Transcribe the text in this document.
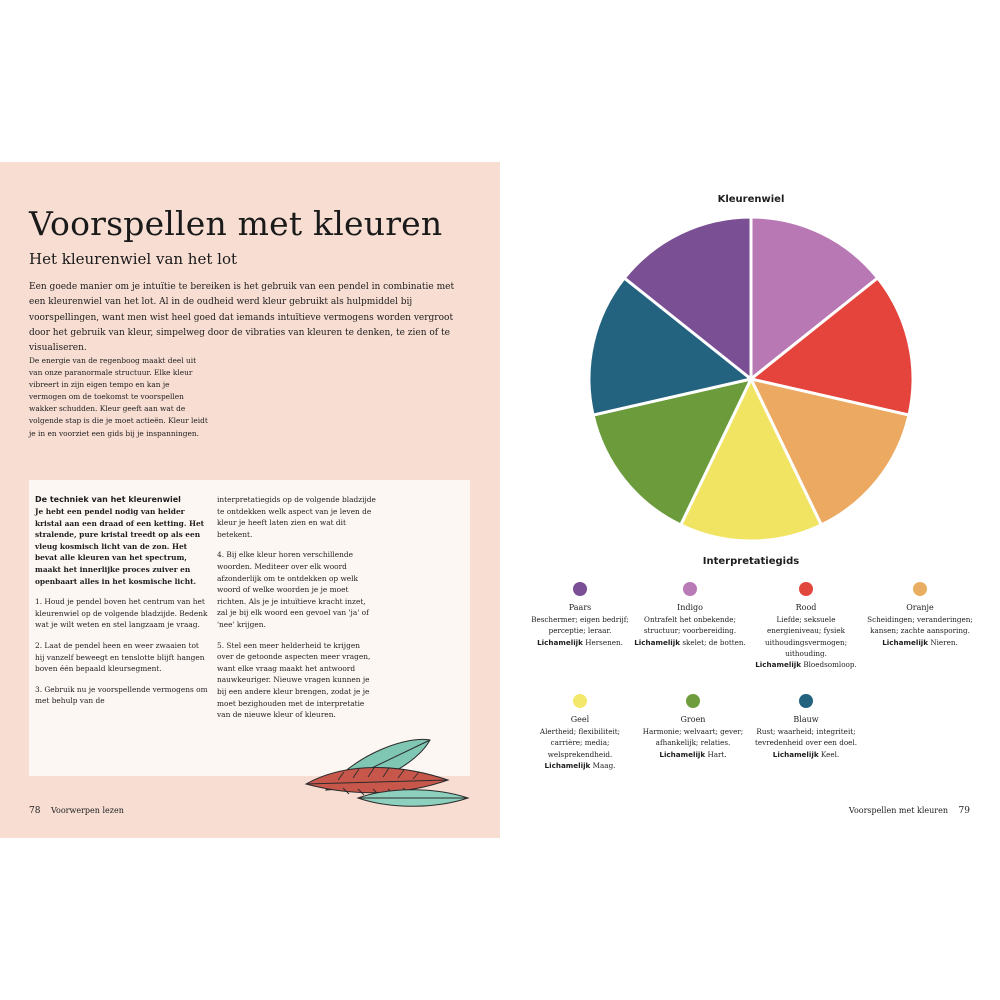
Voorspellen met kleuren
Het kleurenwiel van het lot

Een goede manier om je intuïtie te bereiken is het gebruik van een pendel in combinatie met een kleurenwiel van het lot. Al in de oudheid werd kleur gebruikt als hulpmiddel bij voorspellingen, want men wist heel goed dat iemands intuïtieve vermogens worden vergroot door het gebruik van kleur, simpelweg door de vibraties van kleuren te denken, te zien of te visualiseren.

De energie van de regenboog maakt deel uit van onze paranormale structuur. Elke kleur vibreert in zijn eigen tempo en kan je vermogen om de toekomst te voorspellen wakker schudden. Kleur geeft aan wat de volgende stap is die je moet actieën. Kleur leidt je in en voorziet een gids bij je inspanningen.

De techniek van het kleurenwiel

Je hebt een pendel nodig van helder kristal aan een draad of een ketting. Het stralende, pure kristal treedt op als een vleug kosmisch licht van de zon. Het bevat alle kleuren van het spectrum, maakt het innerlijke proces zuiver en openbaart alles in het kosmische licht.

1. Houd je pendel boven het centrum van het kleurenwiel op de volgende bladzijde. Bedenk wat je wilt weten en stel langzaam je vraag.

2. Laat de pendel heen en weer zwaaien tot hij vanzelf beweegt en tenslotte blijft hangen boven één bepaald kleursegment.

3. Gebruik nu je voorspellende vermogens om met behulp van de

interpretatiegids op de volgende bladzijde te ontdekken welk aspect van je leven de kleur je heeft laten zien en wat dit betekent.

4. Bij elke kleur horen verschillende woorden. Mediteer over elk woord afzonderlijk om te ontdekken op welk woord of welke woorden je je moet richten. Als je je intuïtieve kracht inzet, zal je bij elk woord een gevoel van 'ja' of 'nee' krijgen.

5. Stel een meer helderheid te krijgen over de getoonde aspecten meer vragen, want elke vraag maakt het antwoord nauwkeuriger. Nieuwe vragen kunnen je bij een andere kleur brengen, zodat je je moet bezighouden met de interpretatie van de nieuwe kleur of kleuren.

78 Voorwerpen lezen
Kleurenwiel
Interpretatiegids
Paars
Beschermer; eigen bedrijf; perceptie; leraar.
Lichamelijk Hersenen.
Indigo
Ontrafelt het onbekende; structuur; voorbereiding.
Lichamelijk skelet; de botten.
Rood
Liefde; seksuele energieniveau; fysiek uithoudingsvermogen; uithouding.
Lichamelijk Bloedsomloop.
Oranje
Scheidingen; veranderingen; kansen; zachte aansporing.
Lichamelijk Nieren.
Geel
Alertheid; flexibiliteit; carrière; media; welsprekendheid.
Lichamelijk Maag.
Groen
Harmonie; welvaart; gever; afhankelijk; relaties.
Lichamelijk Hart.
Blauw
Rust; waarheid; integriteit; tevredenheid over een doel.
Lichamelijk Keel.
Voorspellen met kleuren 79
